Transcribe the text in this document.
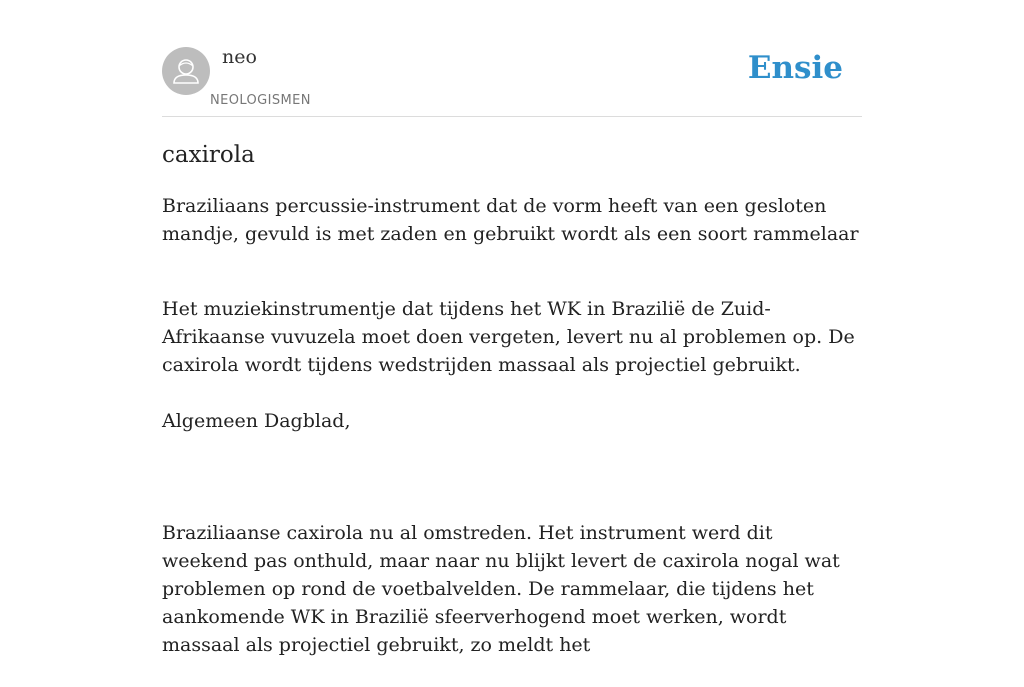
neo
NEOLOGISMEN
Ensie
caxirola

Braziliaans percussie-instrument dat de vorm heeft van een gesloten mandje, gevuld is met zaden en gebruikt wordt als een soort rammelaar

Het muziekinstrumentje dat tijdens het WK in Brazilië de Zuid-Afrikaanse vuvuzela moet doen vergeten, levert nu al problemen op. De caxirola wordt tijdens wedstrijden massaal als projectiel gebruikt.

Algemeen Dagblad,

Braziliaanse caxirola nu al omstreden. Het instrument werd dit weekend pas onthuld, maar naar nu blijkt levert de caxirola nogal wat problemen op rond de voetbalvelden. De rammelaar, die tijdens het aankomende WK in Brazilië sfeerverhogend moet werken, wordt massaal als projectiel gebruikt, zo meldt het
